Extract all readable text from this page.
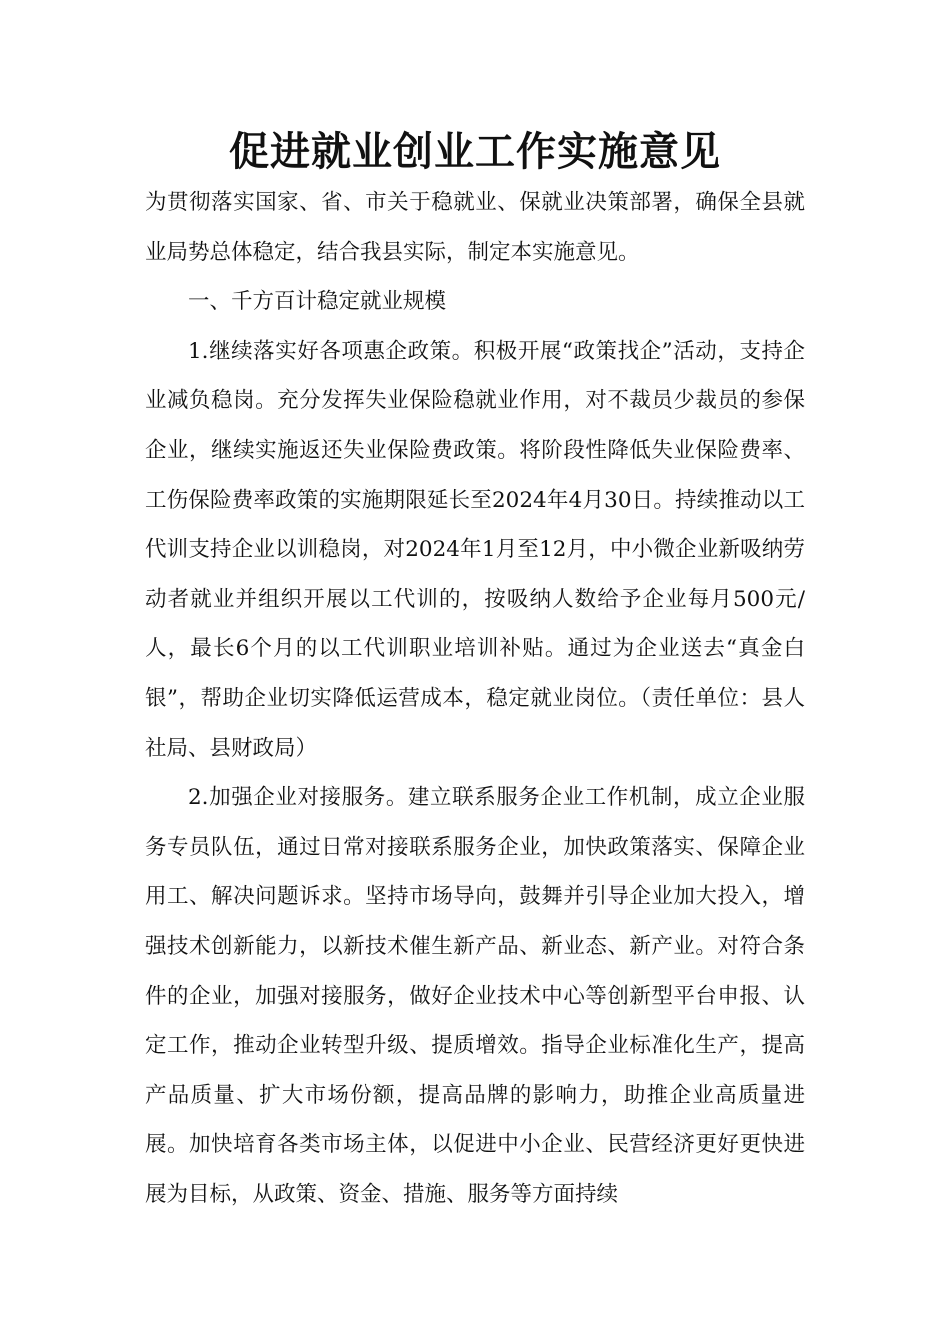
促进就业创业工作实施意见

为贯彻落实国家、省、市关于稳就业、保就业决策部署，确保全县就业局势总体稳定，结合我县实际，制定本实施意见。

一、千方百计稳定就业规模

1.继续落实好各项惠企政策。积极开展“政策找企”活动，支持企业减负稳岗。充分发挥失业保险稳就业作用，对不裁员少裁员的参保企业，继续实施返还失业保险费政策。将阶段性降低失业保险费率、工伤保险费率政策的实施期限延长至2024年4月30日。持续推动以工代训支持企业以训稳岗，对2024年1月至12月，中小微企业新吸纳劳动者就业并组织开展以工代训的，按吸纳人数给予企业每月500元/人，最长6个月的以工代训职业培训补贴。通过为企业送去“真金白银”，帮助企业切实降低运营成本，稳定就业岗位。（责任单位：县人社局、县财政局）

2.加强企业对接服务。建立联系服务企业工作机制，成立企业服务专员队伍，通过日常对接联系服务企业，加快政策落实、保障企业用工、解决问题诉求。坚持市场导向，鼓舞并引导企业加大投入，增强技术创新能力，以新技术催生新产品、新业态、新产业。对符合条件的企业，加强对接服务，做好企业技术中心等创新型平台申报、认定工作，推动企业转型升级、提质增效。指导企业标准化生产，提高产品质量、扩大市场份额，提高品牌的影响力，助推企业高质量进展。加快培育各类市场主体，以促进中小企业、民营经济更好更快进展为目标，从政策、资金、措施、服务等方面持续
